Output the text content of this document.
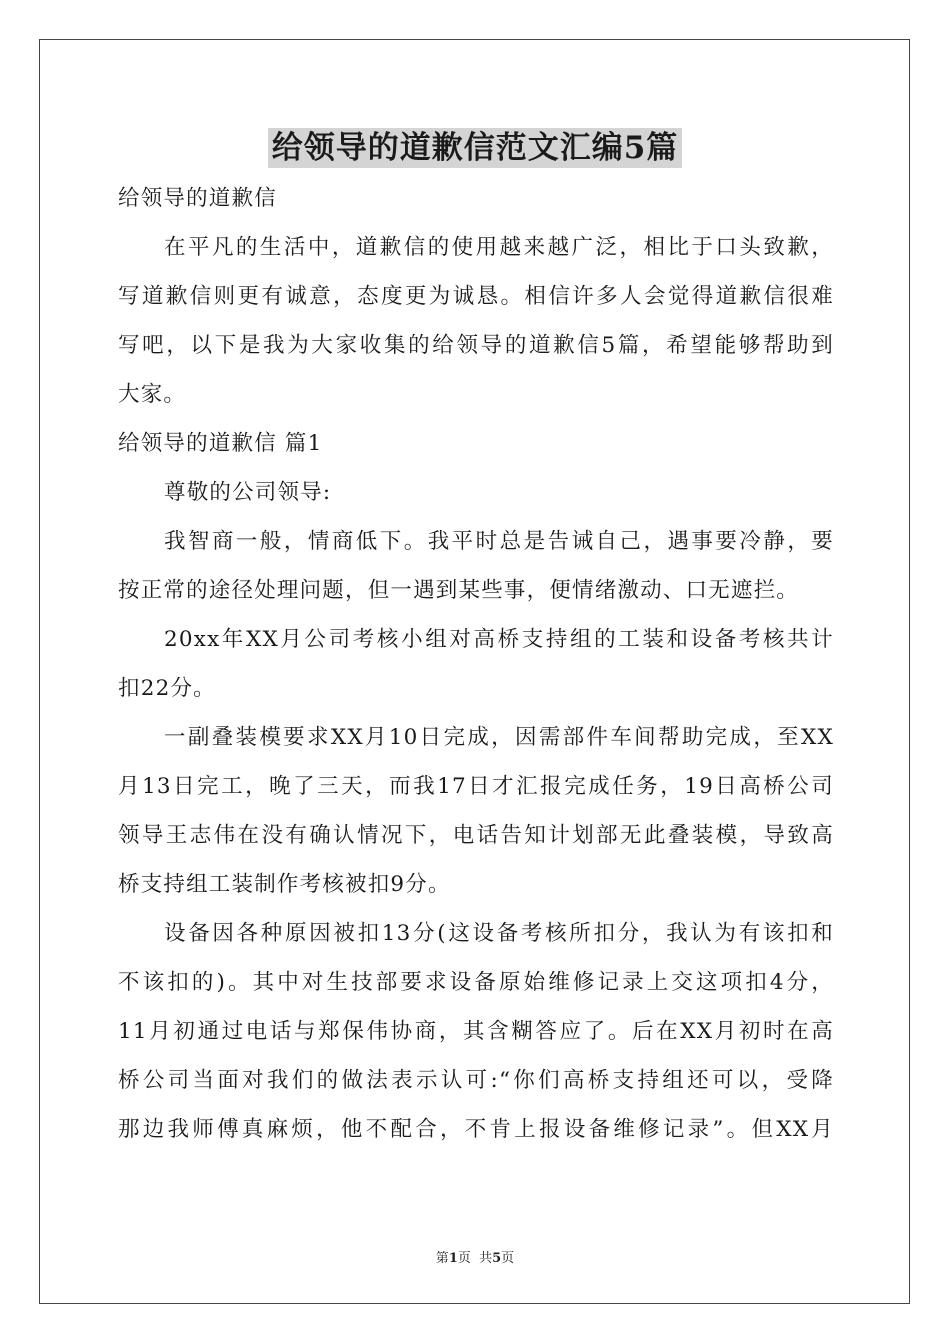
给领导的道歉信范文汇编5篇
给领导的道歉信
在平凡的生活中，道歉信的使用越来越广泛，相比于口头致歉，
写道歉信则更有诚意，态度更为诚恳。相信许多人会觉得道歉信很难
写吧，以下是我为大家收集的给领导的道歉信5篇，希望能够帮助到
大家。
给领导的道歉信 篇1
尊敬的公司领导:
我智商一般，情商低下。我平时总是告诫自己，遇事要冷静，要
按正常的途径处理问题，但一遇到某些事，便情绪激动、口无遮拦。
20xx年XX月公司考核小组对高桥支持组的工装和设备考核共计
扣22分。
一副叠装模要求XX月10日完成，因需部件车间帮助完成，至XX
月13日完工，晚了三天，而我17日才汇报完成任务，19日高桥公司
领导王志伟在没有确认情况下，电话告知计划部无此叠装模，导致高
桥支持组工装制作考核被扣9分。
设备因各种原因被扣13分(这设备考核所扣分，我认为有该扣和
不该扣的)。其中对生技部要求设备原始维修记录上交这项扣4分，
11月初通过电话与郑保伟协商，其含糊答应了。后在XX月初时在高
桥公司当面对我们的做法表示认可:“你们高桥支持组还可以，受降
那边我师傅真麻烦，他不配合，不肯上报设备维修记录”。但XX月
第1页  共5页
